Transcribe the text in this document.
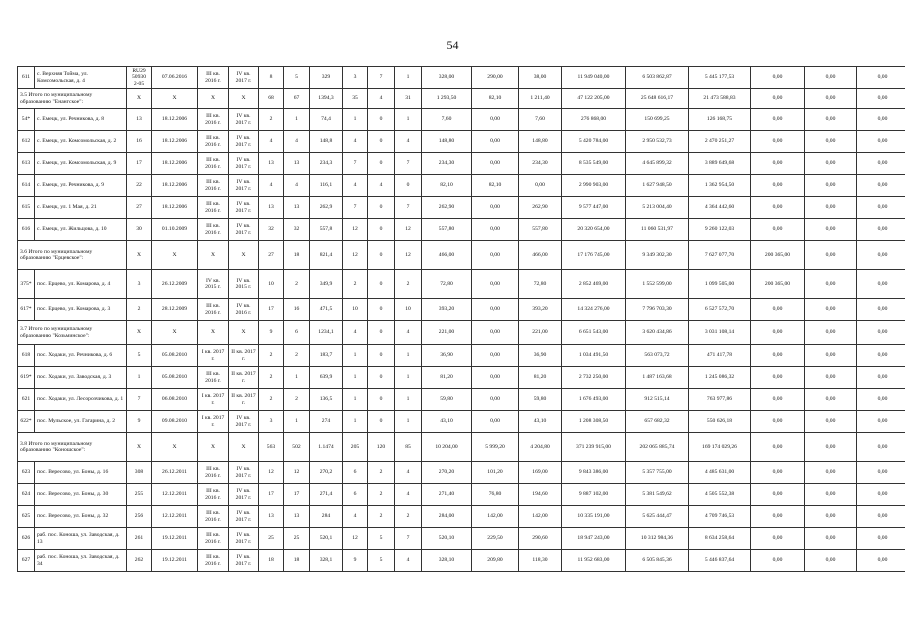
54
611	с. Верхняя Тойма, ул. Комсомольская, д. 4	RU29 50930 2-05	07.06.2016	III кв. 2016 г.	IV кв. 2017 г.	8	5	329	3	7	1	328,00	290,00	38,00	11 949 040,00	6 503 862,87	5 445 177,53	0,00	0,00	0,00
3.5 Итого по муниципальному образованию "Енангское":		X	X	X	X	68	67	1394,3	35	4	31	1 293,50	82,10	1 211,40	47 122 205,00	25 648 616,17	21 473 588,83	0,00	0,00	0,00
54*	с. Емецк, ул. Речникова, д. 8	13	18.12.2006	III кв. 2016 г.	IV кв. 2017 г.	2	1	74,4	1	0	1	7,60	0,00	7,60	276 868,00	150 699,25	126 168,75	0,00	0,00	0,00
612	с. Емецк, ул. Комсомольская, д. 2	16	18.12.2006	III кв. 2016 г.	IV кв. 2017 г.	4	4	148,8	4	0	4	148,80	0,00	148,80	5 420 784,00	2 950 532,73	2 470 251,27	0,00	0,00	0,00
613	с. Емецк, ул. Комсомольская, д. 9	17	18.12.2006	III кв. 2016 г.	IV кв. 2017 г.	13	13	234,3	7	0	7	234,30	0,00	234,30	8 535 549,00	4 645 899,32	3 889 649,68	0,00	0,00	0,00
614	с. Емецк, ул. Речникова, д. 9	22	18.12.2006	III кв. 2016 г.	IV кв. 2017 г.	4	4	116,1	4	4	0	82,10	82,10	0,00	2 990 903,00	1 627 948,50	1 362 954,50	0,00	0,00	0,00
615	с. Емецк, ул. 1 Мая, д. 21	27	18.12.2006	III кв. 2016 г.	IV кв. 2017 г.	13	13	262,9	7	0	7	262,90	0,00	262,90	9 577 447,00	5 213 004,40	4 364 442,60	0,00	0,00	0,00
616	с. Емецк, ул. Жильцова, д. 10	30	01.10.2009	III кв. 2016 г.	IV кв. 2017 г.	32	32	557,8	12	0	12	557,80	0,00	557,80	20 320 654,00	11 060 531,97	9 260 122,03	0,00	0,00	0,00
3.6 Итого по муниципальному образованию "Ерцевское":		X	X	X	X	27	18	821,4	12	0	12	466,00	0,00	466,00	17 176 745,00	9 349 302,30	7 627 077,70	200 365,00	0,00	0,00
375*	пос. Ерцево, ул. Комарова, д. 4	3	26.12.2009	IV кв. 2015 г.	IV кв. 2015 г.	10	2	349,9	2	0	2	72,80	0,00	72,80	2 852 469,00	1 552 599,00	1 099 505,00	200 365,00	0,00	0,00
617*	пос. Ерцево, ул. Комарова, д. 3	2	28.12.2009	III кв. 2016 г.	IV кв. 2016 г.	17	16	471,5	10	0	10	393,20	0,00	393,20	14 324 276,00	7 796 703,30	6 527 572,70	0,00	0,00	0,00
3.7 Итого по муниципальному образованию "Козьминское":		X	X	X	X	9	6	1234,1	4	0	4	221,00	0,00	221,00	6 651 543,00	3 620 434,86	3 031 108,14	0,00	0,00	0,00
618	пос. Ходаки, ул. Речникова, д. 6	5	05.08.2010	I кв. 2017 г.	II кв. 2017 г.	2	2	183,7	1	0	1	36,90	0,00	36,90	1 034 491,50	563 073,72	471 417,78	0,00	0,00	0,00
619*	пос. Ходаки, ул. Заводская, д. 3	1	05.08.2010	III кв. 2016 г.	II кв. 2017 г.	2	1	639,9	1	0	1	81,20	0,00	81,20	2 732 250,00	1 487 163,68	1 245 086,32	0,00	0,00	0,00
621	пос. Ходаки, ул. Лесорозчикова, д. 1	7	06.08.2010	I кв. 2017 г.	II кв. 2017 г.	2	2	136,5	1	0	1	59,80	0,00	59,80	1 676 493,00	912 515,14	763 977,86	0,00	0,00	0,00
622*	пос. Мульское, ул. Гагарина, д. 2	9	09.08.2010	I кв. 2017 г.	IV кв. 2017 г.	3	1	274	1	0	1	43,10	0,00	43,10	1 208 308,50	657 682,32	550 626,18	0,00	0,00	0,00
3.8 Итого по муниципальному образованию "Коношское":		X	X	X	X	563	502	1.1474	205	120	85	10 204,00	5 999,20	4 204,80	371 239 915,00	202 065 885,74	169 174 029,26	0,00	0,00	0,00
623	пос. Вересово, ул. Боны, д. 16	308	26.12.2011	III кв. 2016 г.	IV кв. 2017 г.	12	12	270,2	6	2	4	270,20	101,20	169,00	9 843 386,00	5 357 755,00	4 485 631,00	0,00	0,00	0,00
624	пос. Вересово, ул. Боны, д. 30	255	12.12.2011	III кв. 2016 г.	IV кв. 2017 г.	17	17	271,4	6	2	4	271,40	76,80	194,60	9 887 102,00	5 381 549,62	4 505 552,38	0,00	0,00	0,00
625	пос. Вересово, ул. Боны, д. 32	256	12.12.2011	III кв. 2016 г.	IV кв. 2017 г.	13	13	284	4	2	2	284,00	142,00	142,00	10 335 191,00	5 625 444,47	4 709 746,53	0,00	0,00	0,00
626	раб. пос. Коноша, ул. Заводская, д. 13	261	19.12.2011	III кв. 2016 г.	IV кв. 2017 г.	25	25	520,1	12	5	7	520,10	229,50	290,60	18 947 243,00	10 312 984,36	8 634 258,64	0,00	0,00	0,00
627	раб. пос. Коноша, ул. Заводская, д. 34	262	19.12.2011	III кв. 2016 г.	IV кв. 2017 г.	18	18	328,1	9	5	4	328,10	209,80	118,30	11 952 683,00	6 505 845,36	5 446 837,64	0,00	0,00	0,00
